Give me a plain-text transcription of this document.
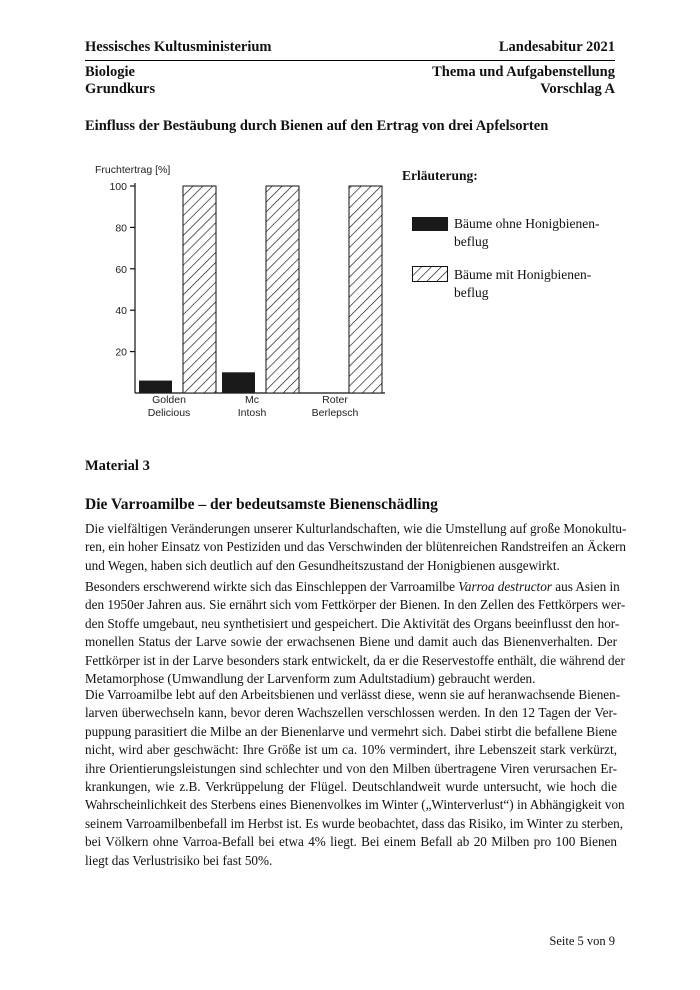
Hessisches Kultusministerium	Landesabitur 2021
Biologie	Thema und Aufgabenstellung
Grundkurs	Vorschlag A
Einfluss der Bestäubung durch Bienen auf den Ertrag von drei Apfelsorten
Fruchtertrag [%]
20
40
60
80
100
Golden
Delicious
Mc
Intosh
Roter
Berlepsch
Erläuterung:
Bäume ohne Honigbienen-
beflug
Bäume mit Honigbienen-
beflug
Material 3
Die Varroamilbe – der bedeutsamste Bienenschädling
Die vielfältigen Veränderungen unserer Kulturlandschaften, wie die Umstellung auf große Monokultu-
ren, ein hoher Einsatz von Pestiziden und das Verschwinden der blütenreichen Randstreifen an Äckern
und Wegen, haben sich deutlich auf den Gesundheitszustand der Honigbienen ausgewirkt.
Besonders erschwerend wirkte sich das Einschleppen der Varroamilbe Varroa destructor aus Asien in
den 1950er Jahren aus. Sie ernährt sich vom Fettkörper der Bienen. In den Zellen des Fettkörpers wer-
den Stoffe umgebaut, neu synthetisiert und gespeichert. Die Aktivität des Organs beeinflusst den hor-
monellen Status der Larve sowie der erwachsenen Biene und damit auch das Bienenverhalten. Der
Fettkörper ist in der Larve besonders stark entwickelt, da er die Reservestoffe enthält, die während der
Metamorphose (Umwandlung der Larvenform zum Adultstadium) gebraucht werden.
Die Varroamilbe lebt auf den Arbeitsbienen und verlässt diese, wenn sie auf heranwachsende Bienen-
larven überwechseln kann, bevor deren Wachszellen verschlossen werden. In den 12 Tagen der Ver-
puppung parasitiert die Milbe an der Bienenlarve und vermehrt sich. Dabei stirbt die befallene Biene
nicht, wird aber geschwächt: Ihre Größe ist um ca. 10% vermindert, ihre Lebenszeit stark verkürzt,
ihre Orientierungsleistungen sind schlechter und von den Milben übertragene Viren verursachen Er-
krankungen, wie z.B. Verkrüppelung der Flügel. Deutschlandweit wurde untersucht, wie hoch die
Wahrscheinlichkeit des Sterbens eines Bienenvolkes im Winter („Winterverlust“) in Abhängigkeit von
seinem Varroamilbenbefall im Herbst ist. Es wurde beobachtet, dass das Risiko, im Winter zu sterben,
bei Völkern ohne Varroa-Befall bei etwa 4% liegt. Bei einem Befall ab 20 Milben pro 100 Bienen
liegt das Verlustrisiko bei fast 50%.
Seite 5 von 9
